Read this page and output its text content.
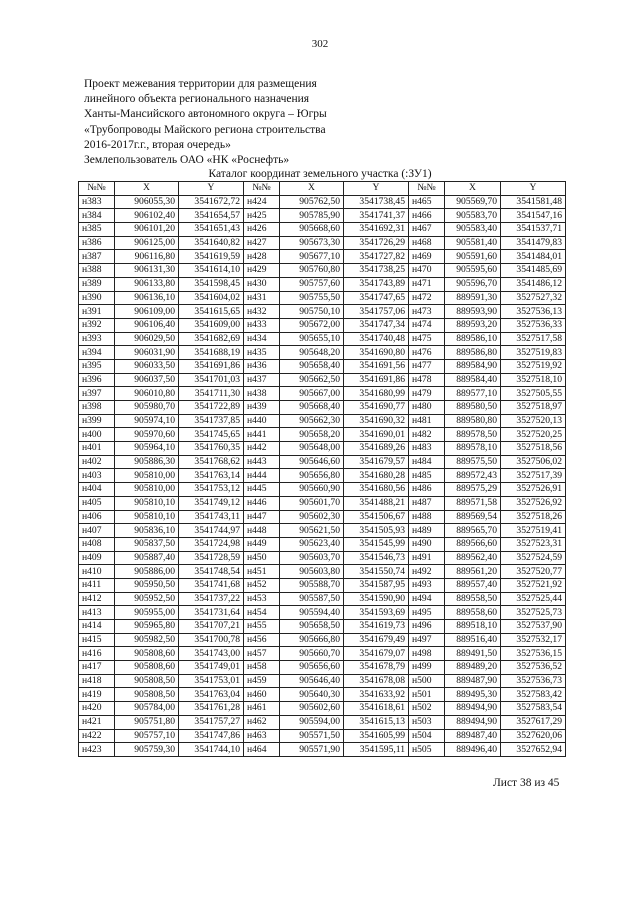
302
Проект межевания территории для размещения
линейного объекта регионального назначения
Ханты-Мансийского автономного округа – Югры
«Трубопроводы Майского региона строительства
2016-2017г.г., вторая очередь»
Землепользователь ОАО «НК «Роснефть»
Каталог координат земельного участка (:ЗУ1)
№№	X	Y	№№	X	Y	№№	X	Y
н383	906055,30	3541672,72	н424	905762,50	3541738,45	н465	905569,70	3541581,48
н384	906102,40	3541654,57	н425	905785,90	3541741,37	н466	905583,70	3541547,16
н385	906101,20	3541651,43	н426	905668,60	3541692,31	н467	905583,40	3541537,71
н386	906125,00	3541640,82	н427	905673,30	3541726,29	н468	905581,40	3541479,83
н387	906116,80	3541619,59	н428	905677,10	3541727,82	н469	905591,60	3541484,01
н388	906131,30	3541614,10	н429	905760,80	3541738,25	н470	905595,60	3541485,69
н389	906133,80	3541598,45	н430	905757,60	3541743,89	н471	905596,70	3541486,12
н390	906136,10	3541604,02	н431	905755,50	3541747,65	н472	889591,30	3527527,32
н391	906109,00	3541615,65	н432	905750,10	3541757,06	н473	889593,90	3527536,13
н392	906106,40	3541609,00	н433	905672,00	3541747,34	н474	889593,20	3527536,33
н393	906029,50	3541682,69	н434	905655,10	3541740,48	н475	889586,10	3527517,58
н394	906031,90	3541688,19	н435	905648,20	3541690,80	н476	889586,80	3527519,83
н395	906033,50	3541691,86	н436	905658,40	3541691,56	н477	889584,90	3527519,92
н396	906037,50	3541701,03	н437	905662,50	3541691,86	н478	889584,40	3527518,10
н397	906010,80	3541711,30	н438	905667,00	3541680,99	н479	889577,10	3527505,55
н398	905980,70	3541722,89	н439	905668,40	3541690,77	н480	889580,50	3527518,97
н399	905974,10	3541737,85	н440	905662,30	3541690,32	н481	889580,80	3527520,13
н400	905970,60	3541745,65	н441	905658,20	3541690,01	н482	889578,50	3527520,25
н401	905964,10	3541760,35	н442	905648,00	3541689,26	н483	889578,10	3527518,56
н402	905886,30	3541768,62	н443	905646,60	3541679,57	н484	889575,50	3527506,02
н403	905810,00	3541763,14	н444	905656,80	3541680,28	н485	889572,43	3527517,39
н404	905810,00	3541753,12	н445	905660,90	3541680,56	н486	889575,29	3527526,91
н405	905810,10	3541749,12	н446	905601,70	3541488,21	н487	889571,58	3527526,92
н406	905810,10	3541743,11	н447	905602,30	3541506,67	н488	889569,54	3527518,26
н407	905836,10	3541744,97	н448	905621,50	3541505,93	н489	889565,70	3527519,41
н408	905837,50	3541724,98	н449	905623,40	3541545,99	н490	889566,60	3527523,31
н409	905887,40	3541728,59	н450	905603,70	3541546,73	н491	889562,40	3527524,59
н410	905886,00	3541748,54	н451	905603,80	3541550,74	н492	889561,20	3527520,77
н411	905950,50	3541741,68	н452	905588,70	3541587,95	н493	889557,40	3527521,92
н412	905952,50	3541737,22	н453	905587,50	3541590,90	н494	889558,50	3527525,44
н413	905955,00	3541731,64	н454	905594,40	3541593,69	н495	889558,60	3527525,73
н414	905965,80	3541707,21	н455	905658,50	3541619,73	н496	889518,10	3527537,90
н415	905982,50	3541700,78	н456	905666,80	3541679,49	н497	889516,40	3527532,17
н416	905808,60	3541743,00	н457	905660,70	3541679,07	н498	889491,50	3527536,15
н417	905808,60	3541749,01	н458	905656,60	3541678,79	н499	889489,20	3527536,52
н418	905808,50	3541753,01	н459	905646,40	3541678,08	н500	889487,90	3527536,73
н419	905808,50	3541763,04	н460	905640,30	3541633,92	н501	889495,30	3527583,42
н420	905784,00	3541761,28	н461	905602,60	3541618,61	н502	889494,90	3527583,54
н421	905751,80	3541757,27	н462	905594,00	3541615,13	н503	889494,90	3527617,29
н422	905757,10	3541747,86	н463	905571,50	3541605,99	н504	889487,40	3527620,06
н423	905759,30	3541744,10	н464	905571,90	3541595,11	н505	889496,40	3527652,94
Лист 38 из 45
